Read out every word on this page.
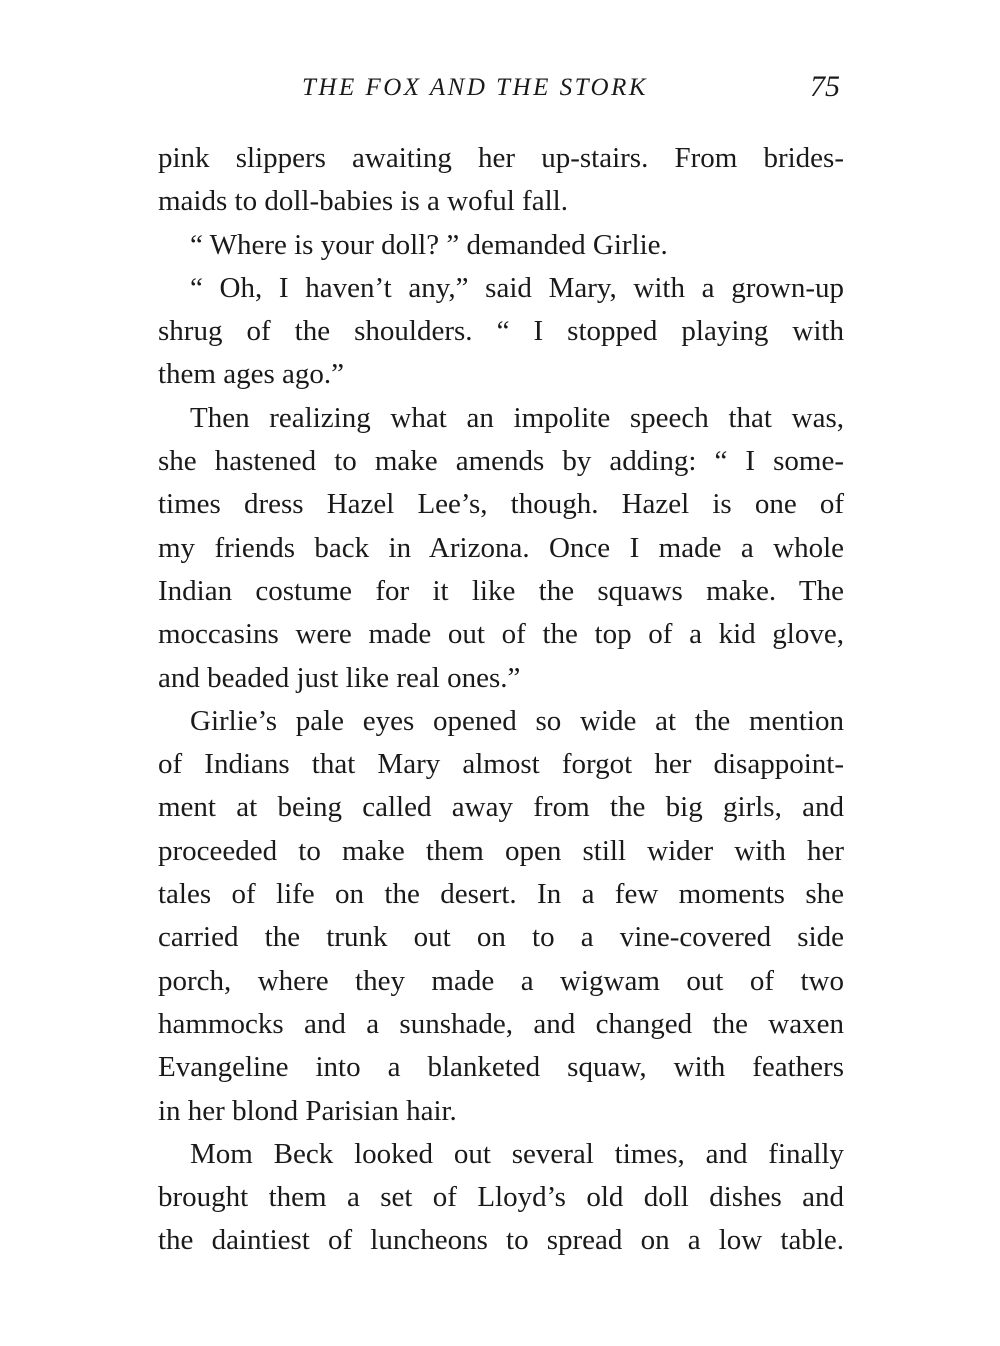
THE FOX AND THE STORK	75
pink slippers awaiting her up-stairs. From brides-
maids to doll-babies is a woful fall.
“ Where is your doll? ” demanded Girlie.
“ Oh, I haven’t any,” said Mary, with a grown-up
shrug of the shoulders. “ I stopped playing with
them ages ago.”
Then realizing what an impolite speech that was,
she hastened to make amends by adding: “ I some-
times dress Hazel Lee’s, though. Hazel is one of
my friends back in Arizona. Once I made a whole
Indian costume for it like the squaws make. The
moccasins were made out of the top of a kid glove,
and beaded just like real ones.”
Girlie’s pale eyes opened so wide at the mention
of Indians that Mary almost forgot her disappoint-
ment at being called away from the big girls, and
proceeded to make them open still wider with her
tales of life on the desert. In a few moments she
carried the trunk out on to a vine-covered side
porch, where they made a wigwam out of two
hammocks and a sunshade, and changed the waxen
Evangeline into a blanketed squaw, with feathers
in her blond Parisian hair.
Mom Beck looked out several times, and finally
brought them a set of Lloyd’s old doll dishes and
the daintiest of luncheons to spread on a low table.
